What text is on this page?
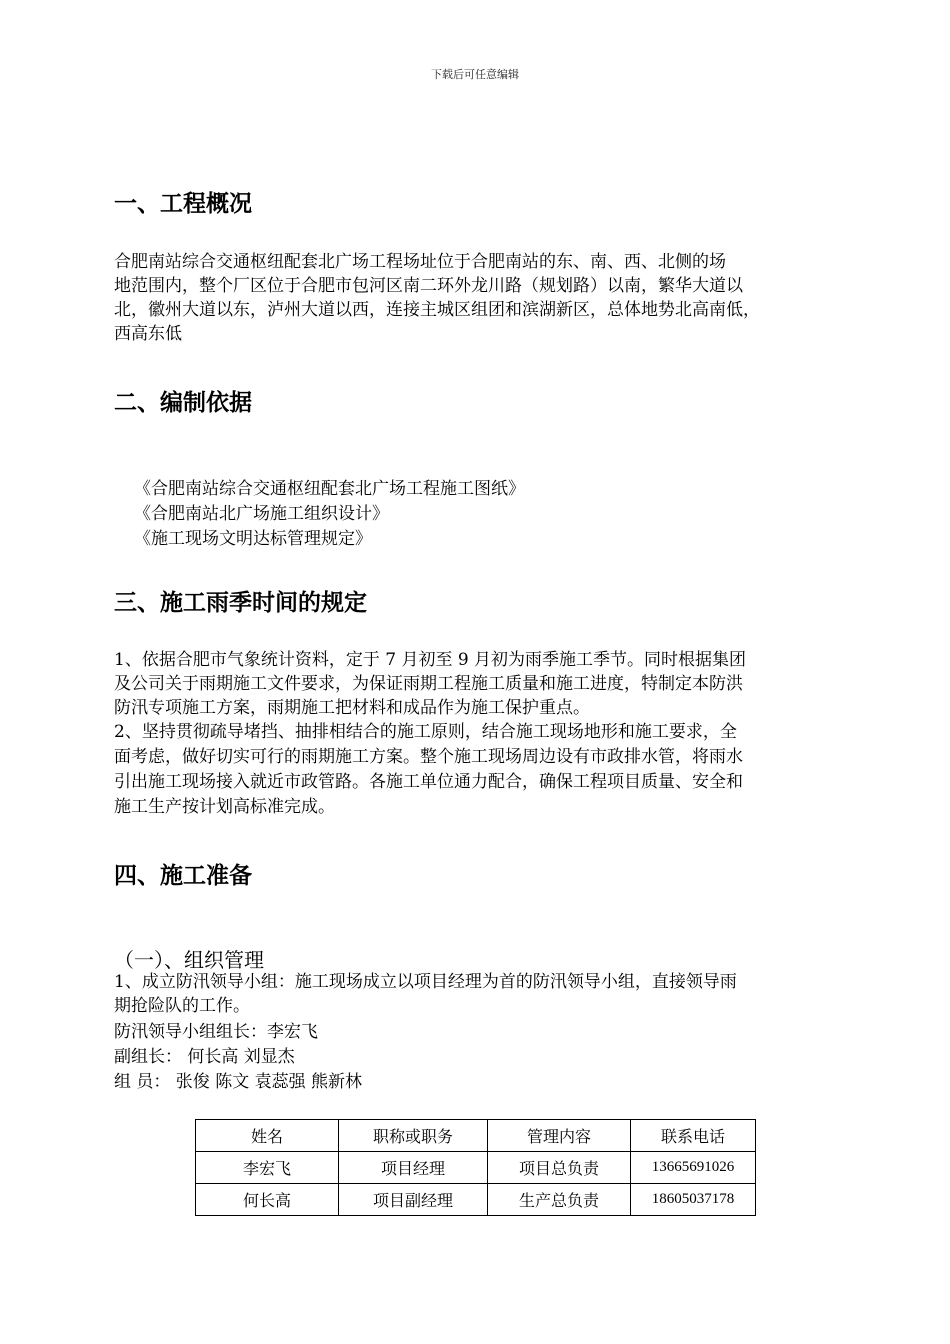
下载后可任意编辑
一、工程概况
合肥南站综合交通枢纽配套北广场工程场址位于合肥南站的东、南、西、北侧的场
地范围内，整个厂区位于合肥市包河区南二环外龙川路（规划路）以南，繁华大道以
北，徽州大道以东，泸州大道以西，连接主城区组团和滨湖新区，总体地势北高南低，
西高东低
二、编制依据
《合肥南站综合交通枢纽配套北广场工程施工图纸》
《合肥南站北广场施工组织设计》
《施工现场文明达标管理规定》
三、施工雨季时间的规定
1、依据合肥市气象统计资料，定于 7 月初至 9 月初为雨季施工季节。同时根据集团
及公司关于雨期施工文件要求，为保证雨期工程施工质量和施工进度，特制定本防洪
防汛专项施工方案，雨期施工把材料和成品作为施工保护重点。
2、坚持贯彻疏导堵挡、抽排相结合的施工原则，结合施工现场地形和施工要求，全
面考虑，做好切实可行的雨期施工方案。整个施工现场周边设有市政排水管，将雨水
引出施工现场接入就近市政管路。各施工单位通力配合，确保工程项目质量、安全和
施工生产按计划高标准完成。
四、施工准备
（一）、组织管理
1、成立防汛领导小组：施工现场成立以项目经理为首的防汛领导小组，直接领导雨
期抢险队的工作。
防汛领导小组组长：李宏飞
副组长： 何长高 刘显杰
组 员： 张俊 陈文 袁蕊强 熊新林
姓名	职称或职务	管理内容	联系电话
李宏飞	项目经理	项目总负责	13665691026
何长高	项目副经理	生产总负责	18605037178
